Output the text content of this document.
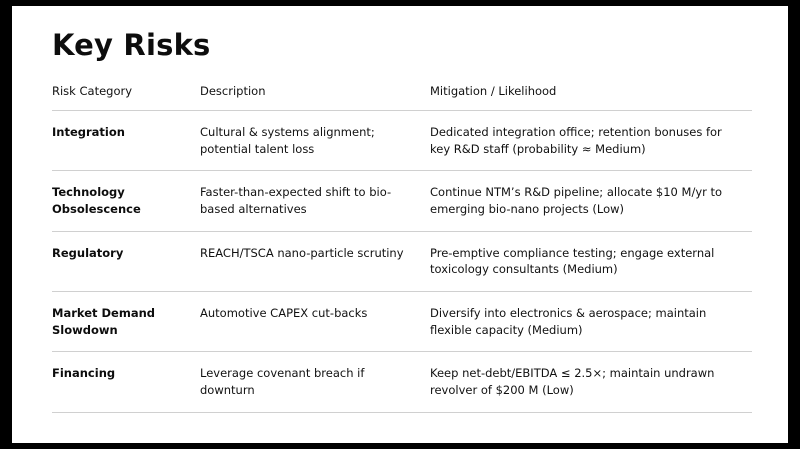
Key Risks
Risk Category	Description	Mitigation / Likelihood
Integration	Cultural & systems alignment; potential talent loss	Dedicated integration office; retention bonuses for key R&D staff (probability ≈ Medium)
Technology Obsolescence	Faster-than-expected shift to bio-based alternatives	Continue NTM’s R&D pipeline; allocate $10 M/yr to emerging bio-nano projects (Low)
Regulatory	REACH/TSCA nano-particle scrutiny	Pre-emptive compliance testing; engage external toxicology consultants (Medium)
Market Demand Slowdown	Automotive CAPEX cut-backs	Diversify into electronics & aerospace; maintain flexible capacity (Medium)
Financing	Leverage covenant breach if downturn	Keep net-debt/EBITDA ≤ 2.5×; maintain undrawn revolver of $200 M (Low)
